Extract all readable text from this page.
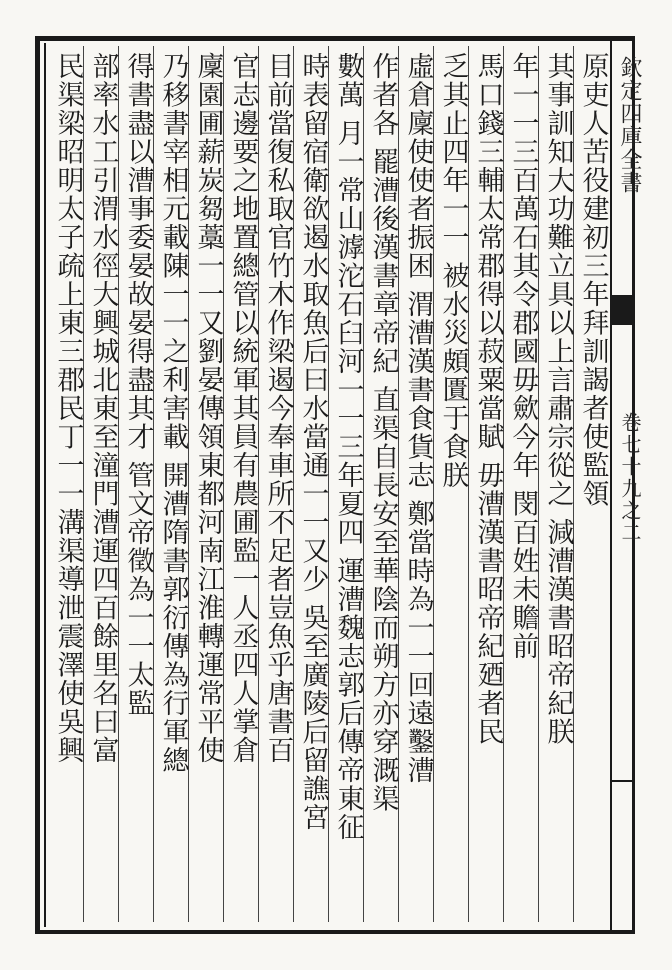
原吏人苦役建初三年拜訓謁者使監領
其事訓知大功難立具以上言肅宗從之 減漕漢書昭帝紀朕
年一一三百萬石其令郡國毋歛今年 閔百姓未贍前
馬口錢三輔太常郡得以菽粟當賦 毋漕漢書昭帝紀廼者民
乏其止四年一一 被水災頗匱于食朕
虛倉廩使使者振困 渭漕漢書食貨志 鄭當時為一一回遠鑿漕
作者各 罷漕後漢書章帝紀 直渠自長安至華陰而朔方亦穿溉渠
數萬 月一常山滹沱石臼河一一三年夏四 運漕魏志郭后傳帝東征
時表留宿衛欲遏水取魚后曰水當通一一又少 吳至廣陵后留譙宮
目前當復私取官竹木作梁遏今奉車所不足者豈魚乎唐書百
官志邊要之地置總管以統軍其員有農圃監一人丞四人掌倉
廩園圃薪炭芻藁一一又劉晏傳領東都河南江淮轉運常平使
乃移書宰相元載陳一一之利害載 開漕隋書郭衍傳為行軍總
得書盡以漕事委晏故晏得盡其才 管文帝徵為一一太監
部率水工引渭水徑大興城北東至潼門漕運四百餘里名曰富
民渠梁昭明太子疏上東三郡民丁一一溝渠導泄震澤使吳興	欽定四庫全書
卷七十九之二
